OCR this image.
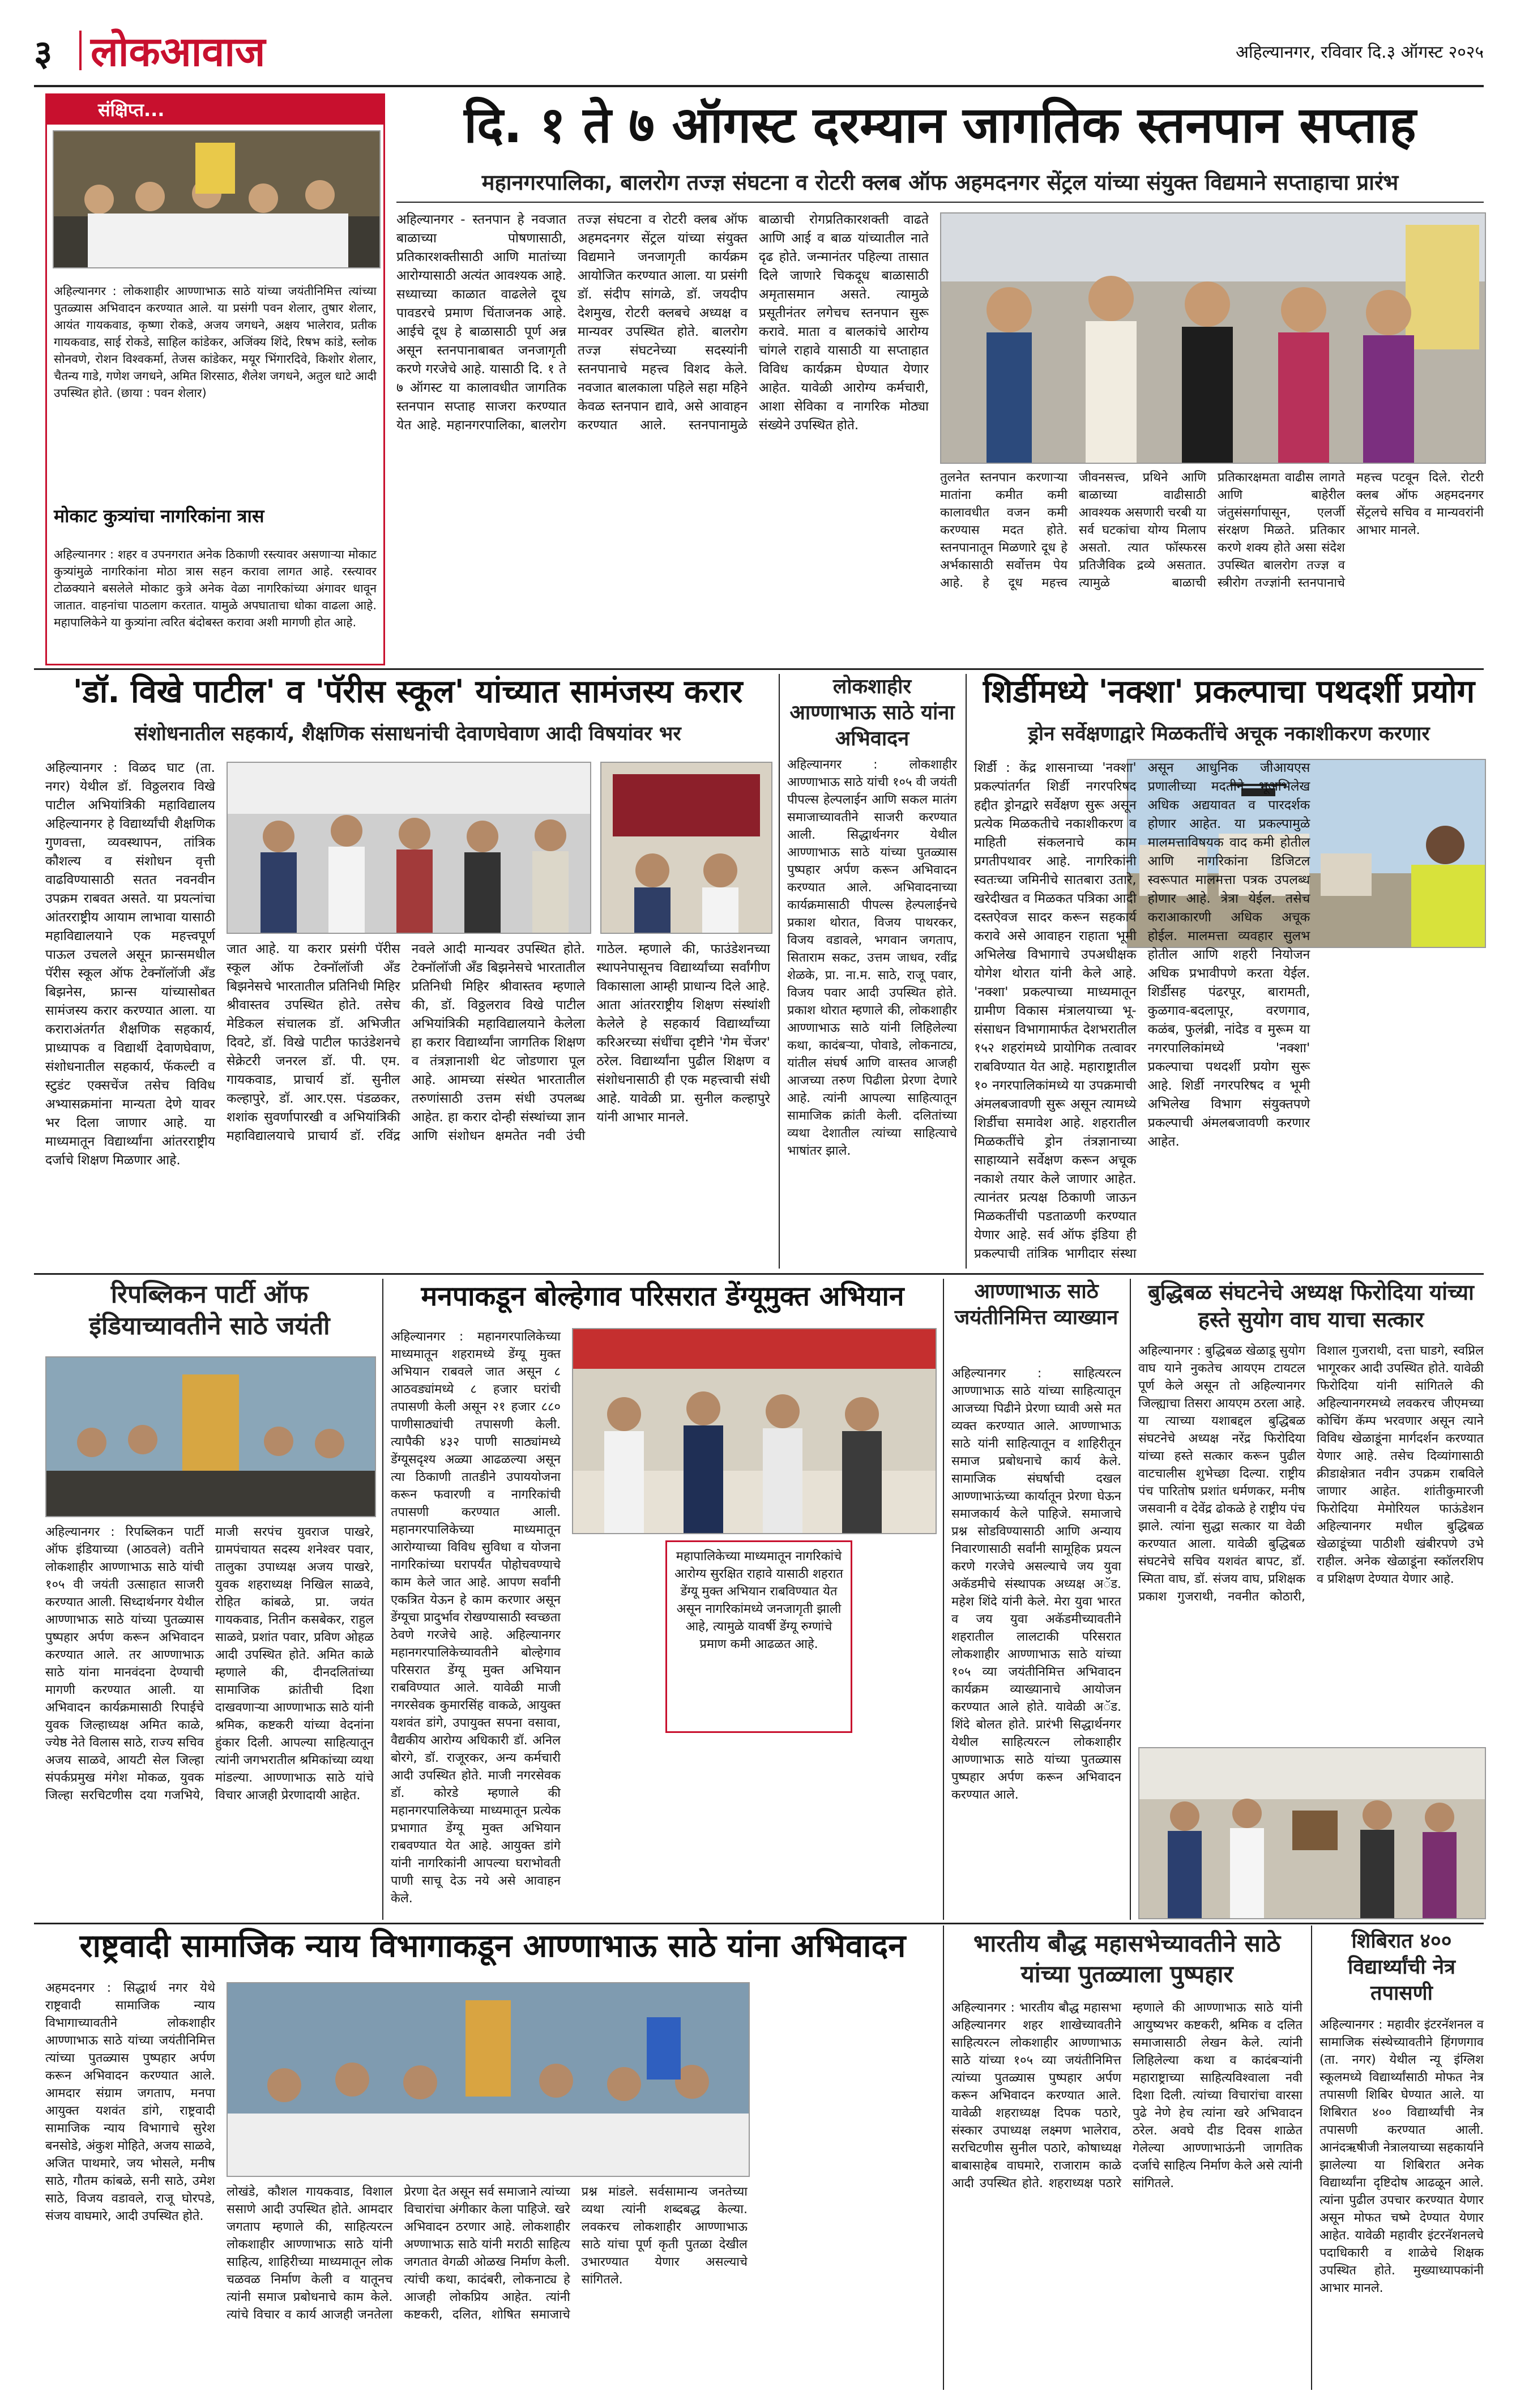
३ लोकआवाज	अहिल्यानगर, रविवार दि.३ ऑगस्ट २०२५
संक्षिप्त...

अहिल्यानगर : लोकशाहीर आण्णाभाऊ साठे यांच्या जयंतीनिमित्त त्यांच्या पुतळ्यास अभिवादन करण्यात आले. या प्रसंगी पवन शेलार, तुषार शेलार, आयंत गायकवाड, कृष्णा रोकडे, अजय जगधने, अक्षय भालेराव, प्रतीक गायकवाड, साई रोकडे, साहिल कांडेकर, अजिंक्य शिंदे, रिषभ कांडे, स्लोक सोनवणे, रोशन विश्वकर्मा, तेजस कांडेकर, मयूर भिंगारदिवे, किशोर शेलार, चैतन्य गाडे, गणेश जगधने, अमित शिरसाठ, शैलेश जगधने, अतुल धाटे आदी उपस्थित होते. (छाया : पवन शेलार)

मोकाट कुत्र्यांचा नागरिकांना त्रास

अहिल्यानगर : शहर व उपनगरात अनेक ठिकाणी रस्त्यावर असणाऱ्या मोकाट कुत्र्यांमुळे नागरिकांना मोठा त्रास सहन करावा लागत आहे. रस्त्यावर टोळक्याने बसलेले मोकाट कुत्रे अनेक वेळा नागरिकांच्या अंगावर धावून जातात. वाहनांचा पाठलाग करतात. यामुळे अपघाताचा धोका वाढला आहे. महापालिकेने या कुत्र्यांना त्वरित बंदोबस्त करावा अशी मागणी होत आहे.

दि. १ ते ७ ऑगस्ट दरम्यान जागतिक स्तनपान सप्ताह
महानगरपालिका, बालरोग तज्ज्ञ संघटना व रोटरी क्लब ऑफ अहमदनगर सेंट्रल यांच्या संयुक्त विद्यमाने सप्ताहाचा प्रारंभ

अहिल्यानगर - स्तनपान हे नवजात बाळाच्या पोषणासाठी, प्रतिकारशक्तीसाठी आणि मातांच्या आरोग्यासाठी अत्यंत आवश्यक आहे. सध्याच्या काळात वाढलेले दूध पावडरचे प्रमाण चिंताजनक आहे. आईचे दूध हे बाळासाठी पूर्ण अन्न असून स्तनपानाबाबत जनजागृती करणे गरजेचे आहे. यासाठी दि. १ ते ७ ऑगस्ट या कालावधीत जागतिक स्तनपान सप्ताह साजरा करण्यात येत आहे. महानगरपालिका, बालरोग तज्ज्ञ संघटना व रोटरी क्लब ऑफ अहमदनगर सेंट्रल यांच्या संयुक्त विद्यमाने जनजागृती कार्यक्रम आयोजित करण्यात आला. या प्रसंगी डॉ. संदीप सांगळे, डॉ. जयदीप देशमुख, रोटरी क्लबचे अध्यक्ष व मान्यवर उपस्थित होते. बालरोग तज्ज्ञ संघटनेच्या सदस्यांनी स्तनपानाचे महत्त्व विशद केले. नवजात बालकाला पहिले सहा महिने केवळ स्तनपान द्यावे, असे आवाहन करण्यात आले. स्तनपानामुळे बाळाची रोगप्रतिकारशक्ती वाढते आणि आई व बाळ यांच्यातील नाते दृढ होते. जन्मानंतर पहिल्या तासात दिले जाणारे चिकदूध बाळासाठी अमृतासमान असते. त्यामुळे प्रसूतीनंतर लगेचच स्तनपान सुरू करावे. माता व बालकांचे आरोग्य चांगले राहावे यासाठी या सप्ताहात विविध कार्यक्रम घेण्यात येणार आहेत. यावेळी आरोग्य कर्मचारी, आशा सेविका व नागरिक मोठ्या संख्येने उपस्थित होते.

तुलनेत स्तनपान करणाऱ्या मातांना कमीत कमी कालावधीत वजन कमी करण्यास मदत होते. स्तनपानातून मिळणारे दूध हे अर्भकासाठी सर्वोत्तम पेय आहे. हे दूध महत्त्व जीवनसत्त्व, प्रथिने आणि बाळाच्या वाढीसाठी आवश्यक असणारी चरबी या सर्व घटकांचा योग्य मिलाप असतो. त्यात फॉस्फरस प्रतिजैविक द्रव्ये असतात. त्यामुळे बाळाची प्रतिकारक्षमता वाढीस लागते आणि बाहेरील जंतुसंसर्गापासून, एलर्जी संरक्षण मिळते. प्रतिकार करणे शक्य होते असा संदेश उपस्थित बालरोग तज्ज्ञ व स्त्रीरोग तज्ज्ञांनी स्तनपानाचे महत्त्व पटवून दिले. रोटरी क्लब ऑफ अहमदनगर सेंट्रलचे सचिव व मान्यवरांनी आभार मानले.

'डॉ. विखे पाटील' व 'पॅरीस स्कूल' यांच्यात सामंजस्य करार
संशोधनातील सहकार्य, शैक्षणिक संसाधनांची देवाणघेवाण आदी विषयांवर भर

अहिल्यानगर : विळद घाट (ता. नगर) येथील डॉ. विठ्ठलराव विखे पाटील अभियांत्रिकी महाविद्यालय अहिल्यानगर हे विद्यार्थ्यांची शैक्षणिक गुणवत्ता, व्यवस्थापन, तांत्रिक कौशल्य व संशोधन वृत्ती वाढविण्यासाठी सतत नवनवीन उपक्रम राबवत असते. या प्रयत्नांचा आंतरराष्ट्रीय आयाम लाभावा यासाठी महाविद्यालयाने एक महत्त्वपूर्ण पाऊल उचलले असून फ्रान्समधील पॅरीस स्कूल ऑफ टेक्नॉलॉजी अँड बिझनेस, फ्रान्स यांच्यासोबत सामंजस्य करार करण्यात आला. या कराराअंतर्गत शैक्षणिक सहकार्य, प्राध्यापक व विद्यार्थी देवाणघेवाण, संशोधनातील सहकार्य, फॅकल्टी व स्टुडंट एक्सचेंज तसेच विविध अभ्यासक्रमांना मान्यता देणे यावर भर दिला जाणार आहे. या माध्यमातून विद्यार्थ्यांना आंतरराष्ट्रीय दर्जाचे शिक्षण मिळणार आहे.

जात आहे. या करार प्रसंगी पॅरीस स्कूल ऑफ टेक्नॉलॉजी अँड बिझनेसचे भारतातील प्रतिनिधी मिहिर श्रीवास्तव उपस्थित होते. तसेच मेडिकल संचालक डॉ. अभिजीत दिवटे, डॉ. विखे पाटील फाउंडेशनचे सेक्रेटरी जनरल डॉ. पी. एम. गायकवाड, प्राचार्य डॉ. सुनील कल्हापुरे, डॉ. आर.एस. पंडळकर, शशांक सुवर्णापारखी व अभियांत्रिकी महाविद्यालयाचे प्राचार्य डॉ. रविंद्र नवले आदी मान्यवर उपस्थित होते. टेक्नॉलॉजी अँड बिझनेसचे भारतातील प्रतिनिधी मिहिर श्रीवास्तव म्हणाले की, डॉ. विठ्ठलराव विखे पाटील अभियांत्रिकी महाविद्यालयाने केलेला हा करार विद्यार्थ्यांना जागतिक शिक्षण व तंत्रज्ञानाशी थेट जोडणारा पूल आहे. आमच्या संस्थेत भारतातील तरुणांसाठी उत्तम संधी उपलब्ध आहेत. हा करार दोन्ही संस्थांच्या ज्ञान आणि संशोधन क्षमतेत नवी उंची गाठेल. म्हणाले की, फाउंडेशनच्या स्थापनेपासूनच विद्यार्थ्यांच्या सर्वांगीण विकासाला आम्ही प्राधान्य दिले आहे. आता आंतरराष्ट्रीय शिक्षण संस्थांशी केलेले हे सहकार्य विद्यार्थ्यांच्या करिअरच्या संधींचा दृष्टीने 'गेम चेंजर' ठरेल. विद्यार्थ्यांना पुढील शिक्षण व संशोधनासाठी ही एक महत्त्वाची संधी आहे. यावेळी प्रा. सुनील कल्हापुरे यांनी आभार मानले.

लोकशाहीर आण्णाभाऊ साठे यांना अभिवादन

अहिल्यानगर : लोकशाहीर आण्णाभाऊ साठे यांची १०५ वी जयंती पीपल्स हेल्पलाईन आणि सकल मातंग समाजाच्यावतीने साजरी करण्यात आली. सिद्धार्थनगर येथील आण्णाभाऊ साठे यांच्या पुतळ्यास पुष्पहार अर्पण करून अभिवादन करण्यात आले. अभिवादनाच्या कार्यक्रमासाठी पीपल्स हेल्पलाईनचे प्रकाश थोरात, विजय पाथरकर, विजय वडावले, भगवान जगताप, सिताराम सकट, उत्तम जाधव, रवींद्र शेळके, प्रा. ना.म. साठे, राजू पवार, विजय पवार आदी उपस्थित होते. प्रकाश थोरात म्हणाले की, लोकशाहीर आण्णाभाऊ साठे यांनी लिहिलेल्या कथा, कादंबऱ्या, पोवाडे, लोकनाट्य, यांतील संघर्ष आणि वास्तव आजही आजच्या तरुण पिढीला प्रेरणा देणारे आहे. त्यांनी आपल्या साहित्यातून सामाजिक क्रांती केली. दलितांच्या व्यथा देशातील त्यांच्या साहित्याचे भाषांतर झाले.

शिर्डीमध्ये 'नक्शा' प्रकल्पाचा पथदर्शी प्रयोग
ड्रोन सर्वेक्षणाद्वारे मिळकतींचे अचूक नकाशीकरण करणार

शिर्डी : केंद्र शासनाच्या 'नक्शा' प्रकल्पांतर्गत शिर्डी नगरपरिषद हद्दीत ड्रोनद्वारे सर्वेक्षण सुरू असून प्रत्येक मिळकतीचे नकाशीकरण व माहिती संकलनाचे काम प्रगतीपथावर आहे. नागरिकांनी स्वतःच्या जमिनीचे सातबारा उतारे, खरेदीखत व मिळकत पत्रिका आदी दस्तऐवज सादर करून सहकार्य करावे असे आवाहन राहाता भूमी अभिलेख विभागाचे उपअधीक्षक योगेश थोरात यांनी केले आहे. 'नक्शा' प्रकल्पाच्या माध्यमातून ग्रामीण विकास मंत्रालयाच्या भू-संसाधन विभागामार्फत देशभरातील १५२ शहरांमध्ये प्रायोगिक तत्वावर राबविण्यात येत आहे. महाराष्ट्रातील १० नगरपालिकांमध्ये या उपक्रमाची अंमलबजावणी सुरू असून त्यामध्ये शिर्डीचा समावेश आहे. शहरातील मिळकतींचे ड्रोन तंत्रज्ञानाच्या साहाय्याने सर्वेक्षण करून अचूक नकाशे तयार केले जाणार आहेत. त्यानंतर प्रत्यक्ष ठिकाणी जाऊन मिळकतींची पडताळणी करण्यात येणार आहे. सर्व ऑफ इंडिया ही प्रकल्पाची तांत्रिक भागीदार संस्था असून आधुनिक जीआयएस प्रणालीच्या मदतीने भूअभिलेख अधिक अद्ययावत व पारदर्शक होणार आहेत. या प्रकल्पामुळे मालमत्ताविषयक वाद कमी होतील आणि नागरिकांना डिजिटल स्वरूपात मालमत्ता पत्रक उपलब्ध होणार आहे. त्रेत्रा येईल. तसेच कराआकारणी अधिक अचूक होईल. मालमत्ता व्यवहार सुलभ होतील आणि शहरी नियोजन अधिक प्रभावीपणे करता येईल. शिर्डीसह पंढरपूर, बारामती, कुळगाव-बदलापूर, वरणगाव, कळंब, फुलंब्री, नांदेड व मुरूम या नगरपालिकांमध्ये 'नक्शा' प्रकल्पाचा पथदर्शी प्रयोग सुरू आहे. शिर्डी नगरपरिषद व भूमी अभिलेख विभाग संयुक्तपणे प्रकल्पाची अंमलबजावणी करणार आहेत.

रिपब्लिकन पार्टी ऑफ इंडियाच्यावतीने साठे जयंती

अहिल्यानगर : रिपब्लिकन पार्टी ऑफ इंडियाच्या (आठवले) वतीने लोकशाहीर आण्णाभाऊ साठे यांची १०५ वी जयंती उत्साहात साजरी करण्यात आली. सिध्दार्थनगर येथील आण्णाभाऊ साठे यांच्या पुतळ्यास पुष्पहार अर्पण करून अभिवादन करण्यात आले. तर आण्णाभाऊ साठे यांना मानवंदना देण्याची मागणी करण्यात आली. या अभिवादन कार्यक्रमासाठी रिपाईचे युवक जिल्हाध्यक्ष अमित काळे, ज्येष्ठ नेते विलास साठे, राज्य सचिव अजय साळवे, आयटी सेल जिल्हा संपर्कप्रमुख मंगेश मोकळ, युवक जिल्हा सरचिटणीस दया गजभिये, माजी सरपंच युवराज पाखरे, ग्रामपंचायत सदस्य शनेश्वर पवार, तालुका उपाध्यक्ष अजय पाखरे, युवक शहराध्यक्ष निखिल साळवे, रोहित कांबळे, प्रा. जयंत गायकवाड, नितीन कसबेकर, राहुल साळवे, प्रशांत पवार, प्रविण ओहळ आदी उपस्थित होते. अमित काळे म्हणाले की, दीनदलितांच्या सामाजिक क्रांतीची दिशा दाखवणाऱ्या आण्णाभाऊ साठे यांनी श्रमिक, कष्टकरी यांच्या वेदनांना हुंकार दिली. आपल्या साहित्यातून त्यांनी जगभरातील श्रमिकांच्या व्यथा मांडल्या. आण्णाभाऊ साठे यांचे विचार आजही प्रेरणादायी आहेत.

मनपाकडून बोल्हेगाव परिसरात डेंग्यूमुक्त अभियान

महापालिकेच्या माध्यमातून नागरिकांचे आरोग्य सुरक्षित राहावे यासाठी शहरात डेंग्यू मुक्त अभियान राबविण्यात येत असून नागरिकांमध्ये जनजागृती झाली आहे, त्यामुळे यावर्षी डेंग्यू रुग्णांचे प्रमाण कमी आढळत आहे.

अहिल्यानगर : महानगरपालिकेच्या माध्यमातून शहरामध्ये डेंग्यू मुक्त अभियान राबवले जात असून ८ आठवड्यांमध्ये ८ हजार घरांची तपासणी केली असून २१ हजार ८८० पाणीसाठ्यांची तपासणी केली. त्यापैकी ४३२ पाणी साठ्यांमध्ये डेंग्यूसदृश्य अळ्या आढळल्या असून त्या ठिकाणी तातडीने उपाययोजना करून फवारणी व नागरिकांची तपासणी करण्यात आली. महानगरपालिकेच्या माध्यमातून आरोग्याच्या विविध सुविधा व योजना नागरिकांच्या घरापर्यंत पोहोचवण्याचे काम केले जात आहे. आपण सर्वांनी एकत्रित येऊन हे काम करणार असून डेंग्यूचा प्रादुर्भाव रोखण्यासाठी स्वच्छता ठेवणे गरजेचे आहे. अहिल्यानगर महानगरपालिकेच्यावतीने बोल्हेगाव परिसरात डेंग्यू मुक्त अभियान राबविण्यात आले. यावेळी माजी नगरसेवक कुमारसिंह वाकळे, आयुक्त यशवंत डांगे, उपायुक्त सपना वसावा, वैद्यकीय आरोग्य अधिकारी डॉ. अनिल बोरगे, डॉ. राजूरकर, अन्य कर्मचारी आदी उपस्थित होते. माजी नगरसेवक डॉ. कोरडे म्हणाले की महानगरपालिकेच्या माध्यमातून प्रत्येक प्रभागात डेंग्यू मुक्त अभियान राबवण्यात येत आहे. आयुक्त डांगे यांनी नागरिकांनी आपल्या घराभोवती पाणी साचू देऊ नये असे आवाहन केले.

आण्णाभाऊ साठे जयंतीनिमित्त व्याख्यान

अहिल्यानगर : साहित्यरत्न आण्णाभाऊ साठे यांच्या साहित्यातून आजच्या पिढीने प्रेरणा घ्यावी असे मत व्यक्त करण्यात आले. आण्णाभाऊ साठे यांनी साहित्यातून व शाहिरीतून समाज प्रबोधनाचे कार्य केले. सामाजिक संघर्षाची दखल आण्णाभाऊंच्या कार्यातून प्रेरणा घेऊन समाजकार्य केले पाहिजे. समाजाचे प्रश्न सोडविण्यासाठी आणि अन्याय निवारणासाठी सर्वांनी सामूहिक प्रयत्न करणे गरजेचे असल्याचे जय युवा अकॅडमीचे संस्थापक अध्यक्ष अॅड. महेश शिंदे यांनी केले. मेरा युवा भारत व जय युवा अकॅडमीच्यावतीने शहरातील लालटाकी परिसरात लोकशाहीर आण्णाभाऊ साठे यांच्या १०५ व्या जयंतीनिमित्त अभिवादन कार्यक्रम व्याख्यानाचे आयोजन करण्यात आले होते. यावेळी अॅड. शिंदे बोलत होते. प्रारंभी सिद्धार्थनगर येथील साहित्यरत्न लोकशाहीर आण्णाभाऊ साठे यांच्या पुतळ्यास पुष्पहार अर्पण करून अभिवादन करण्यात आले.

बुद्धिबळ संघटनेचे अध्यक्ष फिरोदिया यांच्या हस्ते सुयोग वाघ याचा सत्कार

अहिल्यानगर : बुद्धिबळ खेळाडू सुयोग वाघ याने नुकतेच आयएम टायटल पूर्ण केले असून तो अहिल्यानगर जिल्ह्याचा तिसरा आयएम ठरला आहे. या त्याच्या यशाबद्दल बुद्धिबळ संघटनेचे अध्यक्ष नरेंद्र फिरोदिया यांच्या हस्ते सत्कार करून पुढील वाटचालीस शुभेच्छा दिल्या. राष्ट्रीय पंच पारितोष प्रशांत धर्मणकर, मनीष जसवानी व देवेंद्र ढोकळे हे राष्ट्रीय पंच झाले. त्यांना सुद्धा सत्कार या वेळी करण्यात आला. यावेळी बुद्धिबळ संघटनेचे सचिव यशवंत बापट, डॉ. स्मिता वाघ, डॉ. संजय वाघ, प्रशिक्षक प्रकाश गुजराथी, नवनीत कोठारी, विशाल गुजराथी, दत्ता घाडगे, स्वप्निल भागूरकर आदी उपस्थित होते. यावेळी फिरोदिया यांनी सांगितले की अहिल्यानगरमध्ये लवकरच जीएमच्या कोचिंग कॅम्प भरवणार असून त्याने विविध खेळाडूंना मार्गदर्शन करण्यात येणार आहे. तसेच दिव्यांगासाठी क्रीडाक्षेत्रात नवीन उपक्रम राबविले जाणार आहेत. शांतीकुमारजी फिरोदिया मेमोरियल फाऊंडेशन अहिल्यानगर मधील बुद्धिबळ खेळाडूंच्या पाठीशी खंबीरपणे उभे राहील. अनेक खेळाडूंना स्कॉलरशिप व प्रशिक्षण देण्यात येणार आहे.

राष्ट्रवादी सामाजिक न्याय विभागाकडून आण्णाभाऊ साठे यांना अभिवादन

अहमदनगर : सिद्धार्थ नगर येथे राष्ट्रवादी सामाजिक न्याय विभागाच्यावतीने लोकशाहीर आण्णाभाऊ साठे यांच्या जयंतीनिमित्त त्यांच्या पुतळ्यास पुष्पहार अर्पण करून अभिवादन करण्यात आले. आमदार संग्राम जगताप, मनपा आयुक्त यशवंत डांगे, राष्ट्रवादी सामाजिक न्याय विभागाचे सुरेश बनसोडे, अंकुश मोहिते, अजय साळवे, अजित पाथमारे, जय भोसले, मनीष साठे, गौतम कांबळे, सनी साठे, उमेश साठे, विजय वडावले, राजू घोरपडे, संजय वाघमारे, आदी उपस्थित होते.

लोखंडे, कौशल गायकवाड, विशाल ससाणे आदी उपस्थित होते. आमदार जगताप म्हणाले की, साहित्यरत्न लोकशाहीर आण्णाभाऊ साठे यांनी साहित्य, शाहिरीच्या माध्यमातून लोक चळवळ निर्माण केली व यातूनच त्यांनी समाज प्रबोधनाचे काम केले. त्यांचे विचार व कार्य आजही जनतेला प्रेरणा देत असून सर्व समाजाने त्यांच्या विचारांचा अंगीकार केला पाहिजे. खरे अभिवादन ठरणार आहे. लोकशाहीर अण्णाभाऊ साठे यांनी मराठी साहित्य जगतात वेगळी ओळख निर्माण केली. त्यांची कथा, कादंबरी, लोकनाट्य हे आजही लोकप्रिय आहेत. त्यांनी कष्टकरी, दलित, शोषित समाजाचे प्रश्न मांडले. सर्वसामान्य जनतेच्या व्यथा त्यांनी शब्दबद्ध केल्या. लवकरच लोकशाहीर आण्णाभाऊ साठे यांचा पूर्ण कृती पुतळा देखील उभारण्यात येणार असल्याचे सांगितले.

भारतीय बौद्ध महासभेच्यावतीने साठे यांच्या पुतळ्याला पुष्पहार

अहिल्यानगर : भारतीय बौद्ध महासभा अहिल्यानगर शहर शाखेच्यावतीने साहित्यरत्न लोकशाहीर आण्णाभाऊ साठे यांच्या १०५ व्या जयंतीनिमित्त त्यांच्या पुतळ्यास पुष्पहार अर्पण करून अभिवादन करण्यात आले. यावेळी शहराध्यक्ष दिपक पठारे, संस्कार उपाध्यक्ष लक्ष्मण भालेराव, सरचिटणीस सुनील पठारे, कोषाध्यक्ष बाबासाहेब वाघमारे, राजाराम काळे आदी उपस्थित होते. शहराध्यक्ष पठारे म्हणाले की आण्णाभाऊ साठे यांनी आयुष्यभर कष्टकरी, श्रमिक व दलित समाजासाठी लेखन केले. त्यांनी लिहिलेल्या कथा व कादंबऱ्यांनी महाराष्ट्राच्या साहित्यविश्वाला नवी दिशा दिली. त्यांच्या विचारांचा वारसा पुढे नेणे हेच त्यांना खरे अभिवादन ठरेल. अवघे दीड दिवस शाळेत गेलेल्या आण्णाभाऊंनी जागतिक दर्जाचे साहित्य निर्माण केले असे त्यांनी सांगितले.

शिबिरात ४०० विद्यार्थ्यांची नेत्र तपासणी

अहिल्यानगर : महावीर इंटरनॅशनल व सामाजिक संस्थेच्यावतीने हिंगणगाव (ता. नगर) येथील न्यू इंग्लिश स्कूलमध्ये विद्यार्थ्यांसाठी मोफत नेत्र तपासणी शिबिर घेण्यात आले. या शिबिरात ४०० विद्यार्थ्यांची नेत्र तपासणी करण्यात आली. आनंदऋषीजी नेत्रालयाच्या सहकार्याने झालेल्या या शिबिरात अनेक विद्यार्थ्यांना दृष्टिदोष आढळून आले. त्यांना पुढील उपचार करण्यात येणार असून मोफत चष्मे देण्यात येणार आहेत. यावेळी महावीर इंटरनॅशनलचे पदाधिकारी व शाळेचे शिक्षक उपस्थित होते. मुख्याध्यापकांनी आभार मानले.
